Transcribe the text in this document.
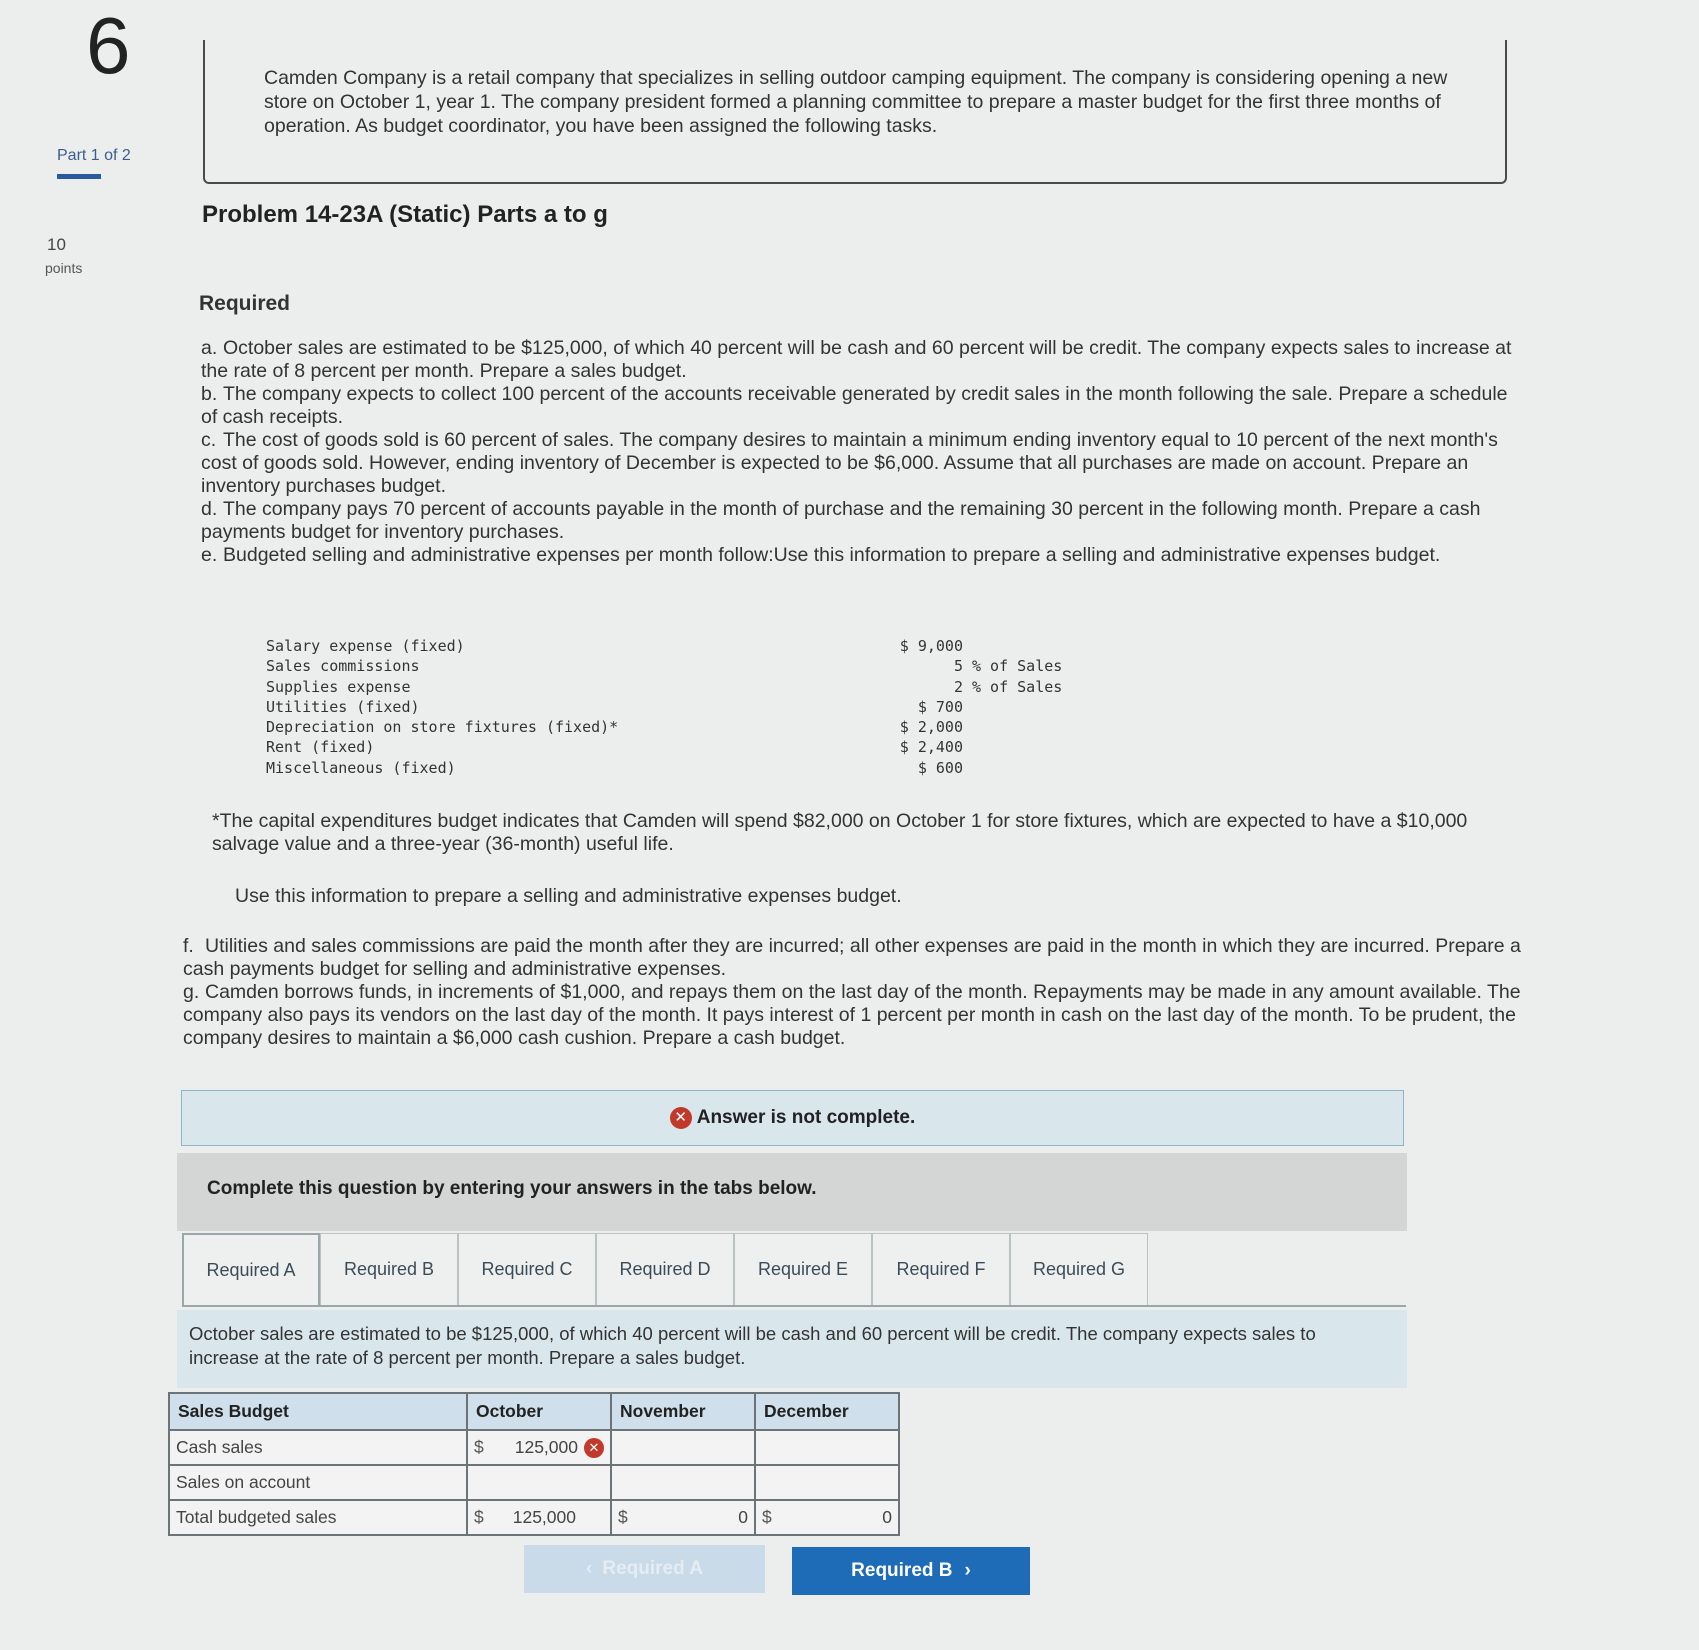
6
Part 1 of 2
10
points
Camden Company is a retail company that specializes in selling outdoor camping equipment. The company is considering opening a new store on October 1, year 1. The company president formed a planning committee to prepare a master budget for the first three months of operation. As budget coordinator, you have been assigned the following tasks.
Problem 14-23A (Static) Parts a to g
Required
a. October sales are estimated to be $125,000, of which 40 percent will be cash and 60 percent will be credit. The company expects sales to increase at the rate of 8 percent per month. Prepare a sales budget.
b. The company expects to collect 100 percent of the accounts receivable generated by credit sales in the month following the sale. Prepare a schedule of cash receipts.
c. The cost of goods sold is 60 percent of sales. The company desires to maintain a minimum ending inventory equal to 10 percent of the next month's cost of goods sold. However, ending inventory of December is expected to be $6,000. Assume that all purchases are made on account. Prepare an inventory purchases budget.
d. The company pays 70 percent of accounts payable in the month of purchase and the remaining 30 percent in the following month. Prepare a cash payments budget for inventory purchases.
e. Budgeted selling and administrative expenses per month follow:Use this information to prepare a selling and administrative expenses budget.
Salary expense (fixed)	$ 9,000
Sales commissions	5 % of Sales
Supplies expense	2 % of Sales
Utilities (fixed)	$ 700
Depreciation on store fixtures (fixed)*	$ 2,000
Rent (fixed)	$ 2,400
Miscellaneous (fixed)	$ 600
*The capital expenditures budget indicates that Camden will spend $82,000 on October 1 for store fixtures, which are expected to have a $10,000 salvage value and a three-year (36-month) useful life.
Use this information to prepare a selling and administrative expenses budget.
f. Utilities and sales commissions are paid the month after they are incurred; all other expenses are paid in the month in which they are incurred. Prepare a cash payments budget for selling and administrative expenses.
g. Camden borrows funds, in increments of $1,000, and repays them on the last day of the month. Repayments may be made in any amount available. The company also pays its vendors on the last day of the month. It pays interest of 1 percent per month in cash on the last day of the month. To be prudent, the company desires to maintain a $6,000 cash cushion. Prepare a cash budget.
✕ Answer is not complete.
Complete this question by entering your answers in the tabs below.
Required A	Required B	Required C	Required D	Required E	Required F	Required G
October sales are estimated to be $125,000, of which 40 percent will be cash and 60 percent will be credit. The company expects sales to increase at the rate of 8 percent per month. Prepare a sales budget.
Sales Budget	October	November	December
Cash sales	$ 125,000 ✕		

Sales on account			
Total budgeted sales	$ 125,000	$ 0	$ 0
‹ Required A	Required B ›
